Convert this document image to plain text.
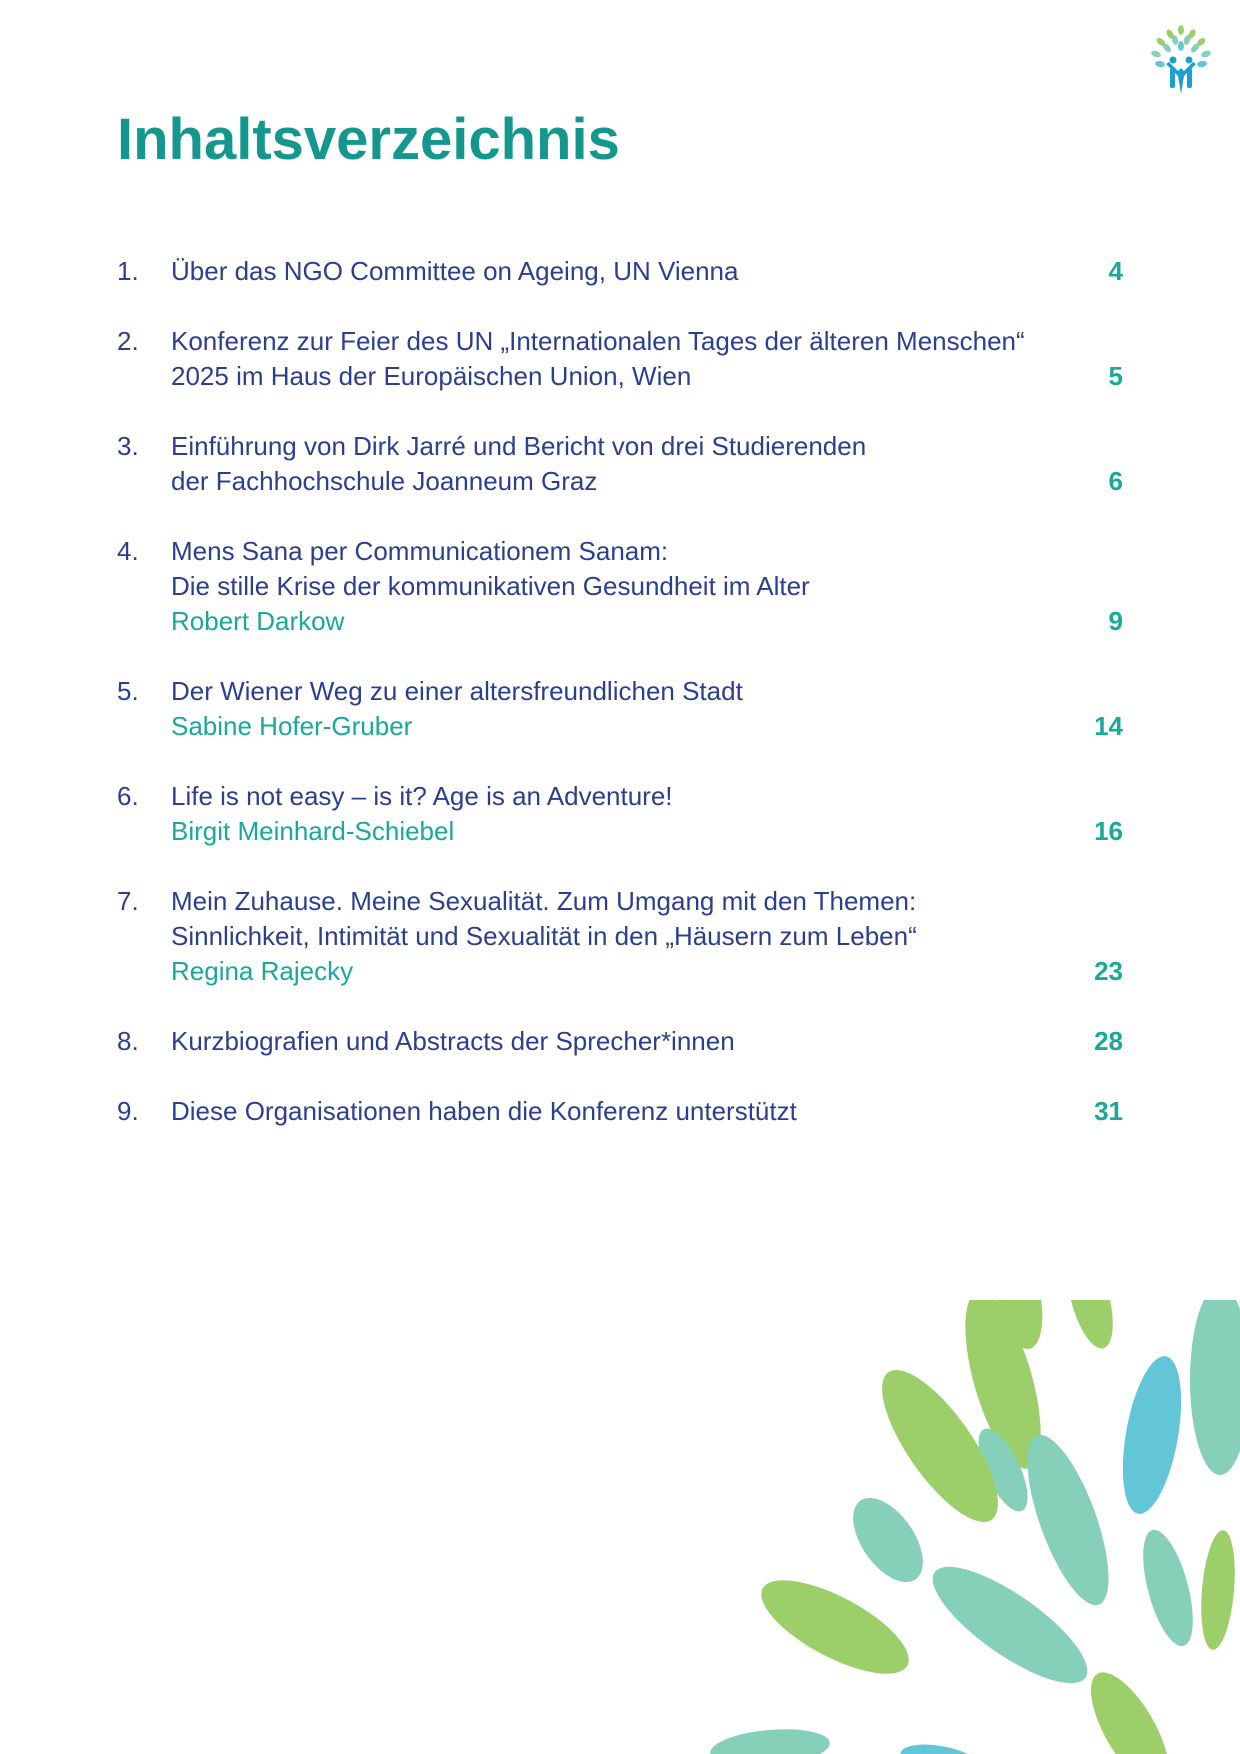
Inhaltsverzeichnis
1. Über das NGO Committee on Ageing, UN Vienna	4
2. Konferenz zur Feier des UN „Internationalen Tages der älteren Menschen“
2025 im Haus der Europäischen Union, Wien	5
3. Einführung von Dirk Jarré und Bericht von drei Studierenden
der Fachhochschule Joanneum Graz	6
4. Mens Sana per Communicationem Sanam:
Die stille Krise der kommunikativen Gesundheit im Alter
Robert Darkow	9
5. Der Wiener Weg zu einer altersfreundlichen Stadt
Sabine Hofer-Gruber	14
6. Life is not easy – is it? Age is an Adventure!
Birgit Meinhard-Schiebel	16
7. Mein Zuhause. Meine Sexualität. Zum Umgang mit den Themen:
Sinnlichkeit, Intimität und Sexualität in den „Häusern zum Leben“
Regina Rajecky	23
8. Kurzbiografien und Abstracts der Sprecher*innen	28
9. Diese Organisationen haben die Konferenz unterstützt	31
